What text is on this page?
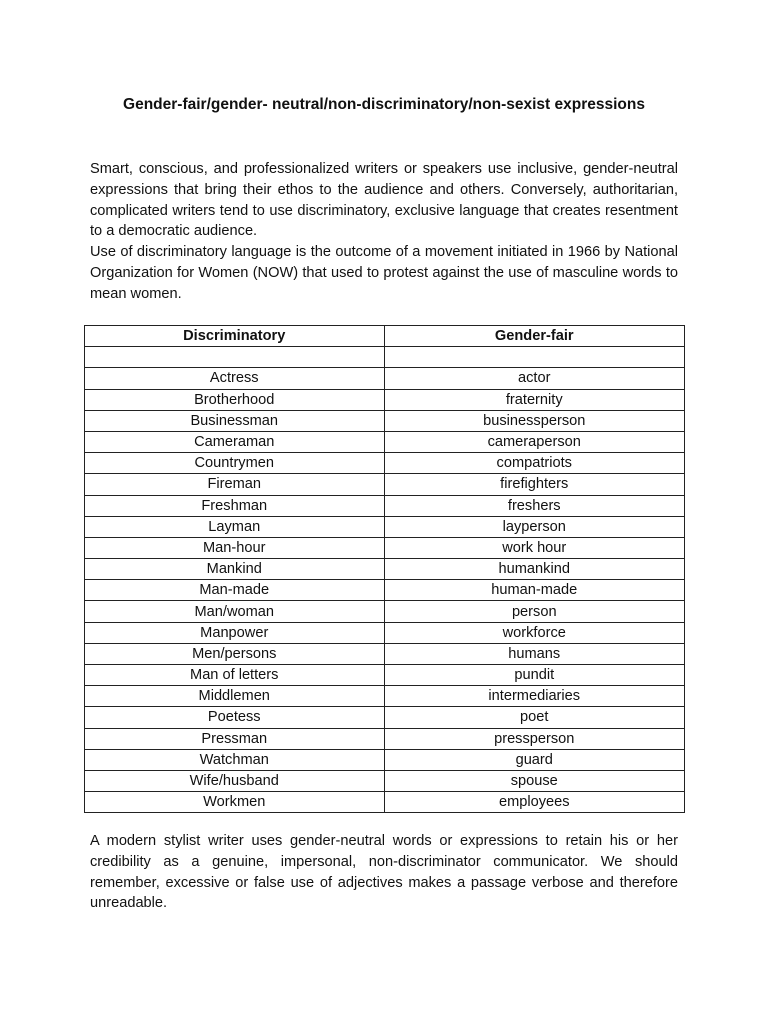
Gender-fair/gender- neutral/non-discriminatory/non-sexist expressions

Smart, conscious, and professionalized writers or speakers use inclusive, gender-neutral expressions that bring their ethos to the audience and others. Conversely, authoritarian, complicated writers tend to use discriminatory, exclusive language that creates resentment to a democratic audience.

Use of discriminatory language is the outcome of a movement initiated in 1966 by National Organization for Women (NOW) that used to protest against the use of masculine words to mean women.

Discriminatory	Gender-fair

Actress	actor
Brotherhood	fraternity
Businessman	businessperson
Cameraman	cameraperson
Countrymen	compatriots
Fireman	firefighters
Freshman	freshers
Layman	layperson
Man-hour	work hour
Mankind	humankind
Man-made	human-made
Man/woman	person
Manpower	workforce
Men/persons	humans
Man of letters	pundit
Middlemen	intermediaries
Poetess	poet
Pressman	pressperson
Watchman	guard
Wife/husband	spouse
Workmen	employees

A modern stylist writer uses gender-neutral words or expressions to retain his or her credibility as a genuine, impersonal, non-discriminator communicator. We should remember, excessive or false use of adjectives makes a passage verbose and therefore unreadable.
